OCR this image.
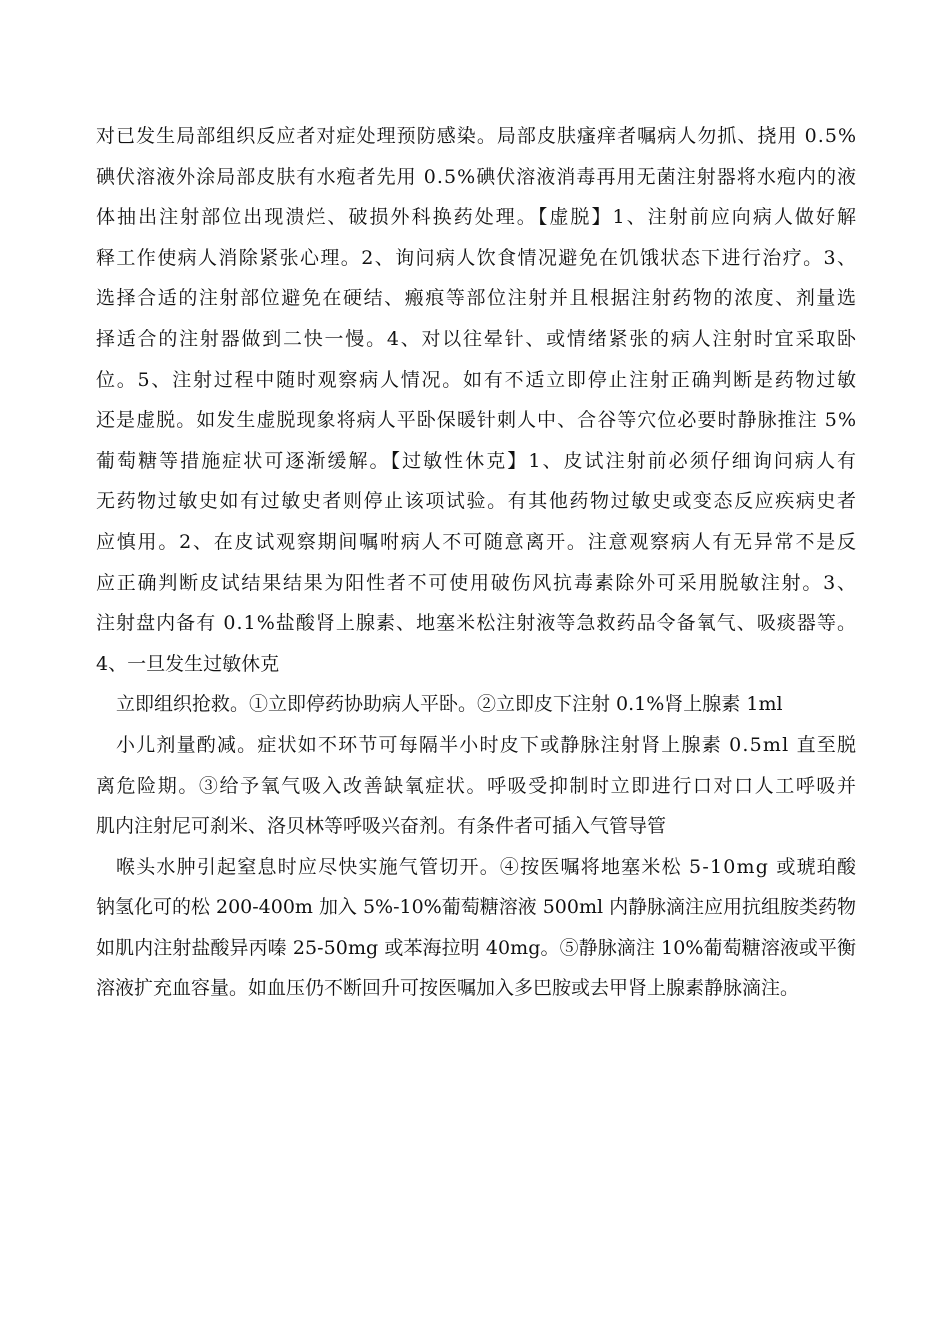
对已发生局部组织反应者对症处理预防感染。局部皮肤瘙痒者嘱病人勿抓、挠用 0.5%
碘伏溶液外涂局部皮肤有水疱者先用 0.5%碘伏溶液消毒再用无菌注射器将水疱内的液
体抽出注射部位出现溃烂、破损外科换药处理。【虚脱】1、注射前应向病人做好解
释工作使病人消除紧张心理。2、询问病人饮食情况避免在饥饿状态下进行治疗。3、
选择合适的注射部位避免在硬结、瘢痕等部位注射并且根据注射药物的浓度、剂量选
择适合的注射器做到二快一慢。4、对以往晕针、或情绪紧张的病人注射时宜采取卧
位。5、注射过程中随时观察病人情况。如有不适立即停止注射正确判断是药物过敏
还是虚脱。如发生虚脱现象将病人平卧保暖针刺人中、合谷等穴位必要时静脉推注 5%
葡萄糖等措施症状可逐渐缓解。【过敏性休克】1、皮试注射前必须仔细询问病人有
无药物过敏史如有过敏史者则停止该项试验。有其他药物过敏史或变态反应疾病史者
应慎用。2、在皮试观察期间嘱咐病人不可随意离开。注意观察病人有无异常不是反
应正确判断皮试结果结果为阳性者不可使用破伤风抗毒素除外可采用脱敏注射。3、
注射盘内备有 0.1%盐酸肾上腺素、地塞米松注射液等急救药品令备氧气、吸痰器等。
4、一旦发生过敏休克
立即组织抢救。①立即停药协助病人平卧。②立即皮下注射 0.1%肾上腺素 1ml
小儿剂量酌减。症状如不环节可每隔半小时皮下或静脉注射肾上腺素 0.5ml 直至脱
离危险期。③给予氧气吸入改善缺氧症状。呼吸受抑制时立即进行口对口人工呼吸并
肌内注射尼可刹米、洛贝林等呼吸兴奋剂。有条件者可插入气管导管
喉头水肿引起窒息时应尽快实施气管切开。④按医嘱将地塞米松 5-10mg 或琥珀酸
钠氢化可的松 200-400m 加入 5%-10%葡萄糖溶液 500ml 内静脉滴注应用抗组胺类药物
如肌内注射盐酸异丙嗪 25-50mg 或苯海拉明 40mg。⑤静脉滴注 10%葡萄糖溶液或平衡
溶液扩充血容量。如血压仍不断回升可按医嘱加入多巴胺或去甲肾上腺素静脉滴注。
